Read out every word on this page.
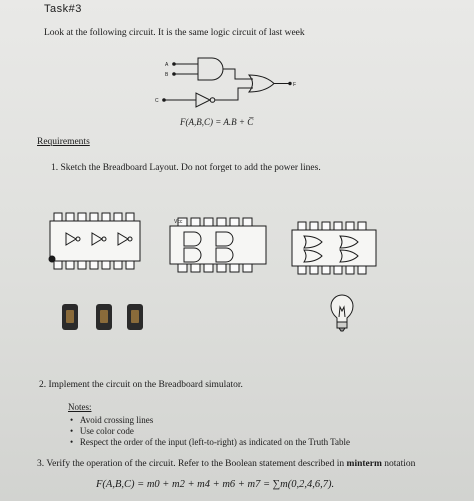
Task#3
Look at the following circuit. It is the same logic circuit of last week
A
B
C
F
F(A,B,C) = A.B + C̅
Requirements
1. Sketch the Breadboard Layout. Do not forget to add the power lines.
Vcc
2. Implement the circuit on the Breadboard simulator.
Notes:
•   Avoid crossing lines
•   Use color code
•   Respect the order of the input (left-to-right) as indicated on the Truth Table
3. Verify the operation of the circuit. Refer to the Boolean statement described in minterm notation
F(A,B,C) = m0 + m2 + m4 + m6 + m7 = ∑m(0,2,4,6,7).
